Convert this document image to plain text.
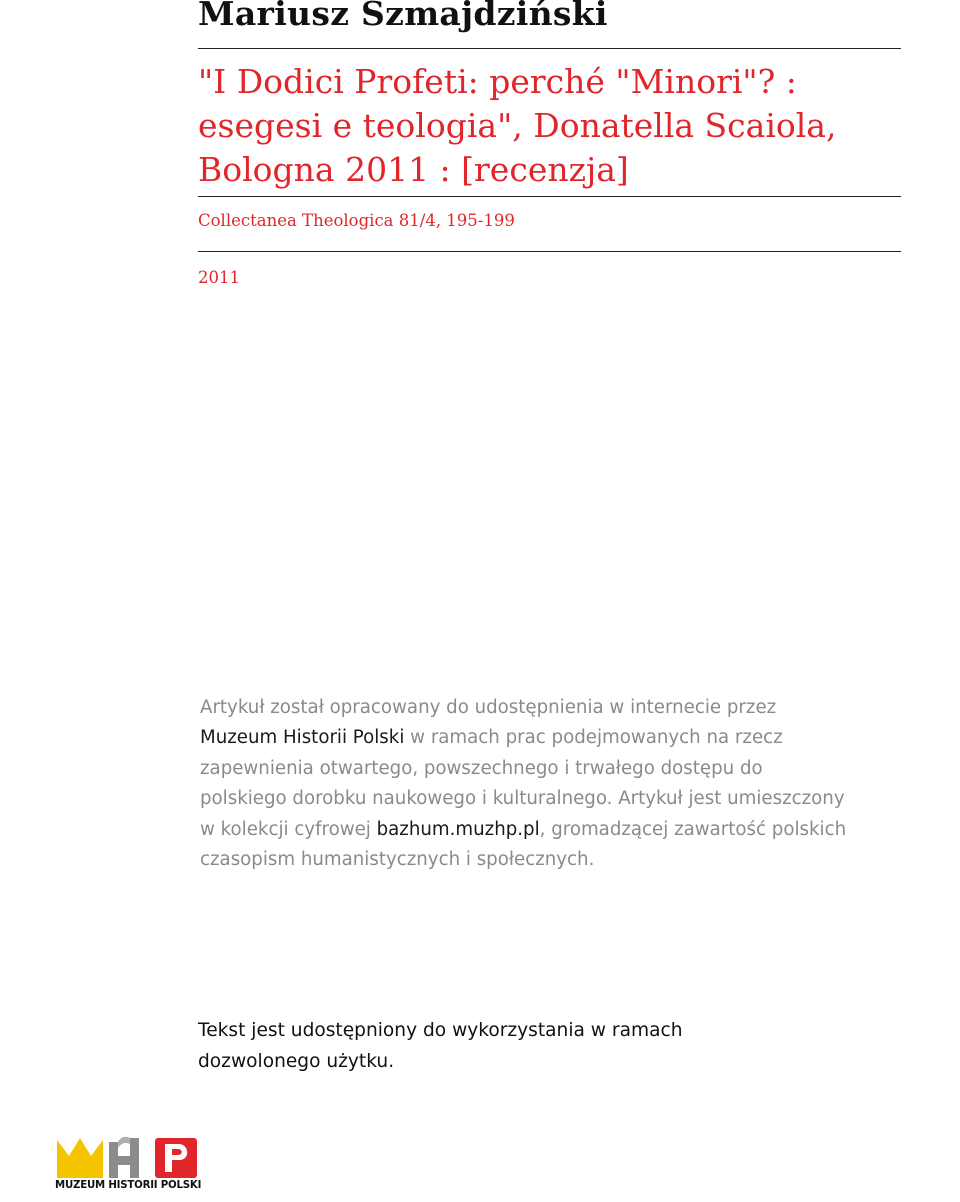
Mariusz Szmajdziński
"I Dodici Profeti: perché "Minori"? :
esegesi e teologia", Donatella Scaiola,
Bologna 2011 : [recenzja]
Collectanea Theologica 81/4, 195-199
2011

Artykuł został opracowany do udostępnienia w internecie przez
Muzeum Historii Polski w ramach prac podejmowanych na rzecz
zapewnienia otwartego, powszechnego i trwałego dostępu do
polskiego dorobku naukowego i kulturalnego. Artykuł jest umieszczony
w kolekcji cyfrowej bazhum.muzhp.pl, gromadzącej zawartość polskich
czasopism humanistycznych i społecznych.

Tekst jest udostępniony do wykorzystania w ramach
dozwolonego użytku.

MUZEUM HISTORII POLSKI
